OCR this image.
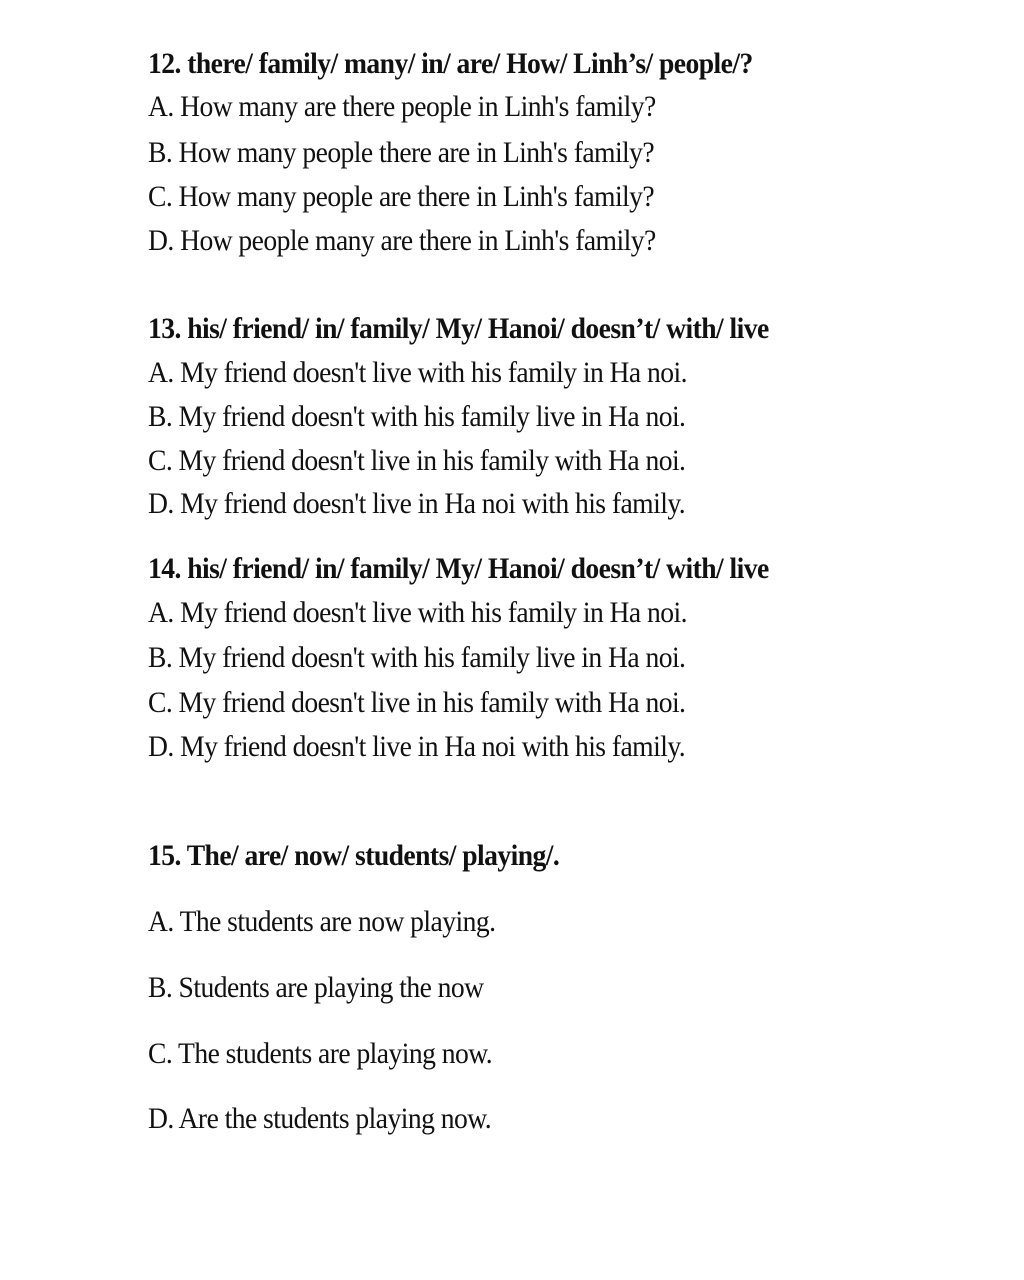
12. there/ family/ many/ in/ are/ How/ Linh’s/ people/?
A. How many are there people in Linh's family?
B. How many people there are in Linh's family?
C. How many people are there in Linh's family?
D. How people many are there in Linh's family?
13. his/ friend/ in/ family/ My/ Hanoi/ doesn’t/ with/ live
A. My friend doesn't live with his family in Ha noi.
B. My friend doesn't with his family live in Ha noi.
C. My friend doesn't live in his family with Ha noi.
D. My friend doesn't live in Ha noi with his family.
14. his/ friend/ in/ family/ My/ Hanoi/ doesn’t/ with/ live
A. My friend doesn't live with his family in Ha noi.
B. My friend doesn't with his family live in Ha noi.
C. My friend doesn't live in his family with Ha noi.
D. My friend doesn't live in Ha noi with his family.
15. The/ are/ now/ students/ playing/.
A. The students are now playing.
B. Students are playing the now
C. The students are playing now.
D. Are the students playing now.
